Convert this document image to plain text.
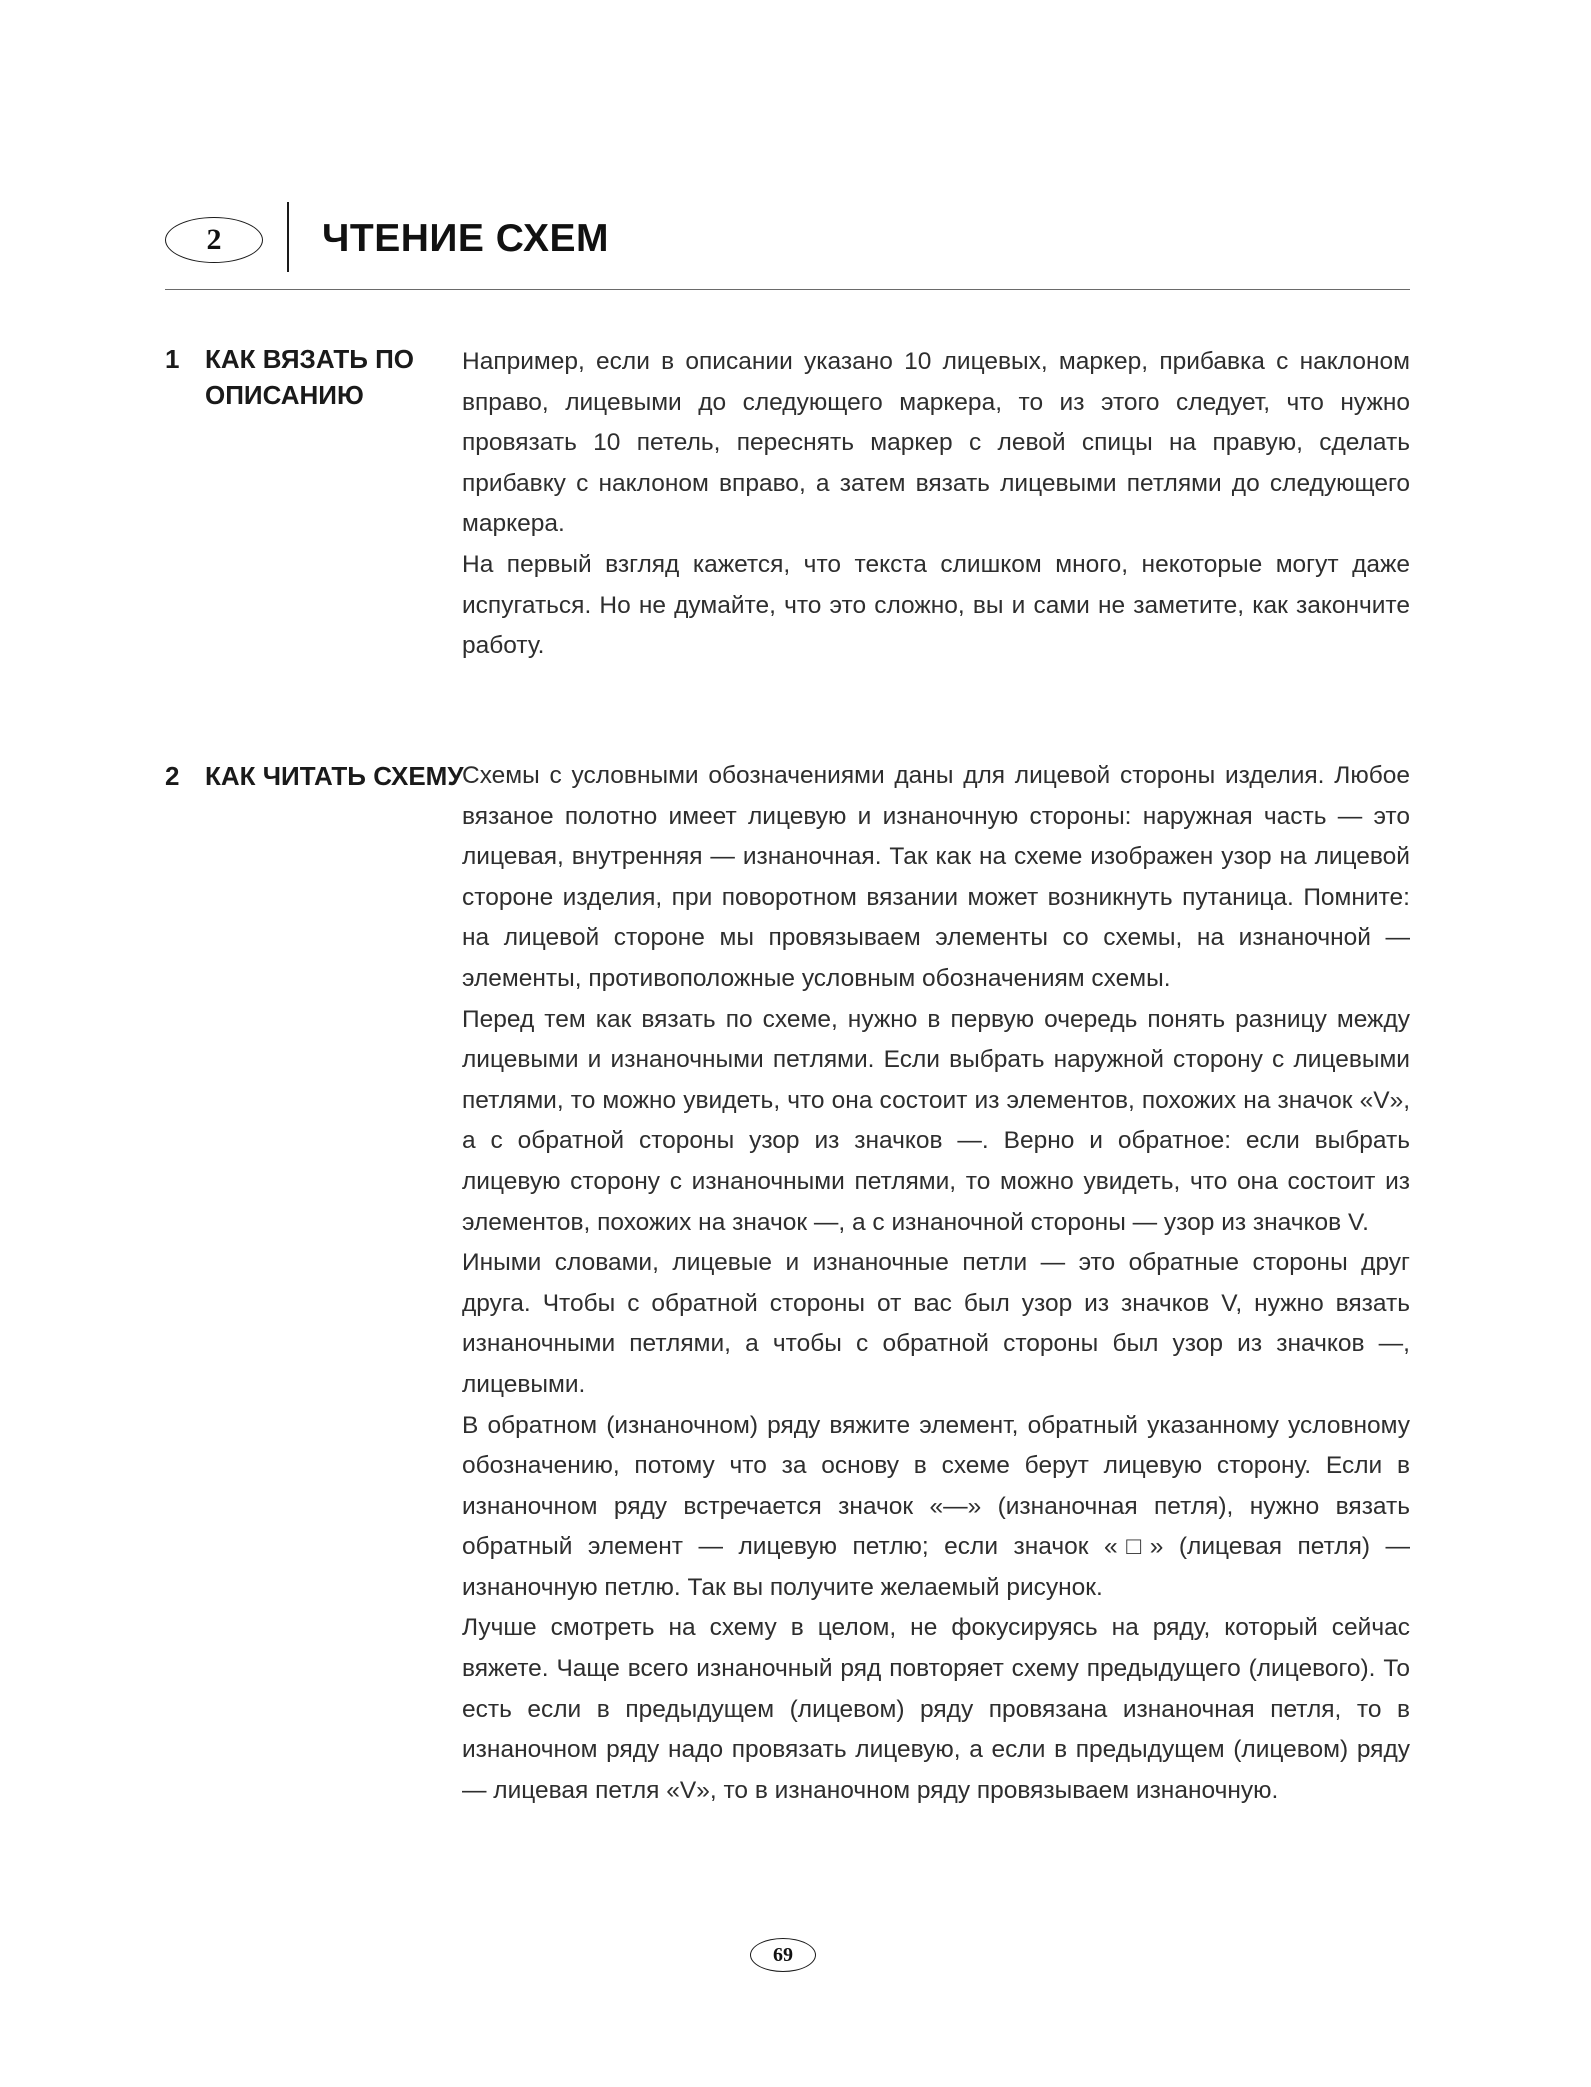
2	ЧТЕНИЕ СХЕМ
1 КАК ВЯЗАТЬ ПО ОПИСАНИЮ

Например, если в описании указано 10 лицевых, маркер, прибавка с наклоном вправо, лицевыми до следующего маркера, то из этого следует, что нужно провязать 10 петель, переснять маркер с левой спицы на правую, сделать прибавку с наклоном вправо, а затем вязать лицевыми петлями до следующего маркера.

На первый взгляд кажется, что текста слишком много, некоторые могут даже испугаться. Но не думайте, что это сложно, вы и сами не заметите, как закончите работу.

2 КАК ЧИТАТЬ СХЕМУ

Схемы с условными обозначениями даны для лицевой стороны изделия. Любое вязаное полотно имеет лицевую и изнаночную стороны: наружная часть — это лицевая, внутренняя — изнаночная. Так как на схеме изображен узор на лицевой стороне изделия, при поворотном вязании может возникнуть путаница. Помните: на лицевой стороне мы провязываем элементы со схемы, на изнаночной — элементы, противоположные условным обозначениям схемы.

Перед тем как вязать по схеме, нужно в первую очередь понять разницу между лицевыми и изнаночными петлями. Если выбрать наружной сторону с лицевыми петлями, то можно увидеть, что она состоит из элементов, похожих на значок «V», а с обратной стороны узор из значков —. Верно и обратное: если выбрать лицевую сторону с изнаночными петлями, то можно увидеть, что она состоит из элементов, похожих на значок —, а с изнаночной стороны — узор из значков V.

Иными словами, лицевые и изнаночные петли — это обратные стороны друг друга. Чтобы с обратной стороны от вас был узор из значков V, нужно вязать изнаночными петлями, а чтобы с обратной стороны был узор из значков —, лицевыми.

В обратном (изнаночном) ряду вяжите элемент, обратный указанному условному обозначению, потому что за основу в схеме берут лицевую сторону. Если в изнаночном ряду встречается значок «—» (изнаночная петля), нужно вязать обратный элемент — лицевую петлю; если значок «□» (лицевая петля) — изнаночную петлю. Так вы получите желаемый рисунок.

Лучше смотреть на схему в целом, не фокусируясь на ряду, который сейчас вяжете. Чаще всего изнаночный ряд повторяет схему предыдущего (лицевого). То есть если в предыдущем (лицевом) ряду провязана изнаночная петля, то в изнаночном ряду надо провязать лицевую, а если в предыдущем (лицевом) ряду — лицевая петля «V», то в изнаночном ряду провязываем изнаночную.

69
